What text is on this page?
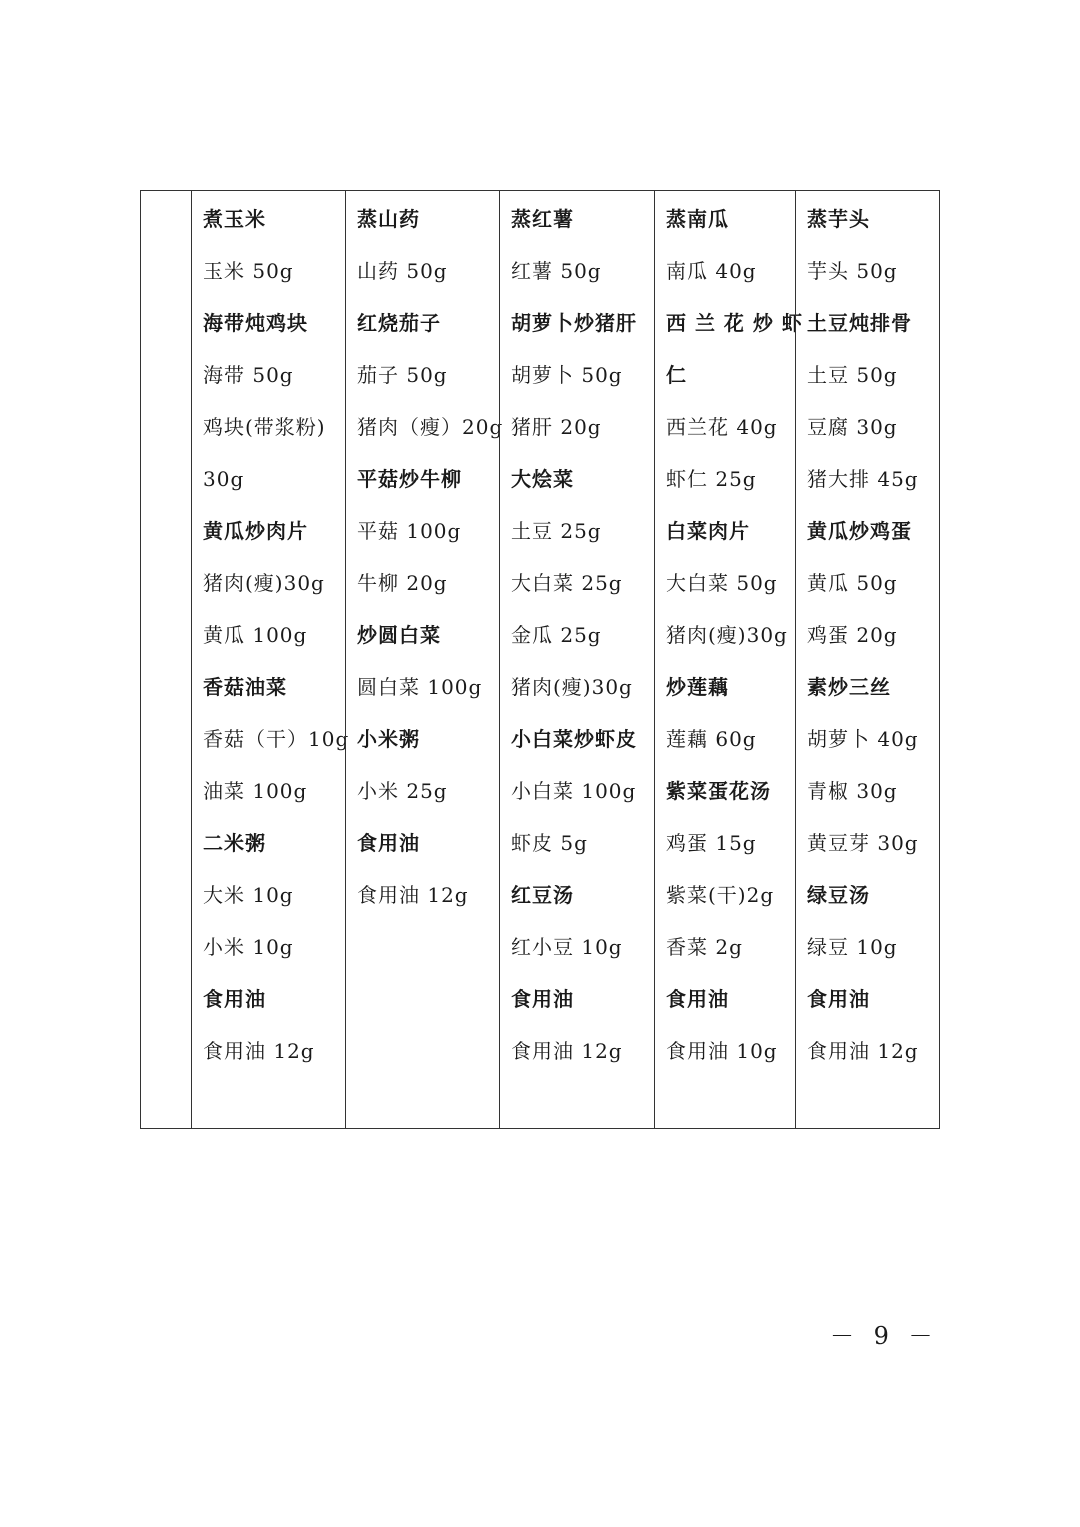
煮玉米
玉米 50g
海带炖鸡块
海带 50g
鸡块(带浆粉)
30g
黄瓜炒肉片
猪肉(瘦)30g
黄瓜 100g
香菇油菜
香菇（干）10g
油菜 100g
二米粥
大米 10g
小米 10g
食用油
食用油 12g
蒸山药
山药 50g
红烧茄子
茄子 50g
猪肉（瘦）20g
平菇炒牛柳
平菇 100g
牛柳 20g
炒圆白菜
圆白菜 100g
小米粥
小米 25g
食用油
食用油 12g
蒸红薯
红薯 50g
胡萝卜炒猪肝
胡萝卜 50g
猪肝 20g
大烩菜
土豆 25g
大白菜 25g
金瓜 25g
猪肉(瘦)30g
小白菜炒虾皮
小白菜 100g
虾皮 5g
红豆汤
红小豆 10g
食用油
食用油 12g
蒸南瓜
南瓜 40g
西 兰 花 炒 虾
仁
西兰花 40g
虾仁 25g
白菜肉片
大白菜 50g
猪肉(瘦)30g
炒莲藕
莲藕 60g
紫菜蛋花汤
鸡蛋 15g
紫菜(干)2g
香菜 2g
食用油
食用油 10g
蒸芋头
芋头 50g
土豆炖排骨
土豆 50g
豆腐 30g
猪大排 45g
黄瓜炒鸡蛋
黄瓜 50g
鸡蛋 20g
素炒三丝
胡萝卜 40g
青椒 30g
黄豆芽 30g
绿豆汤
绿豆 10g
食用油
食用油 12g
－ 9 －
